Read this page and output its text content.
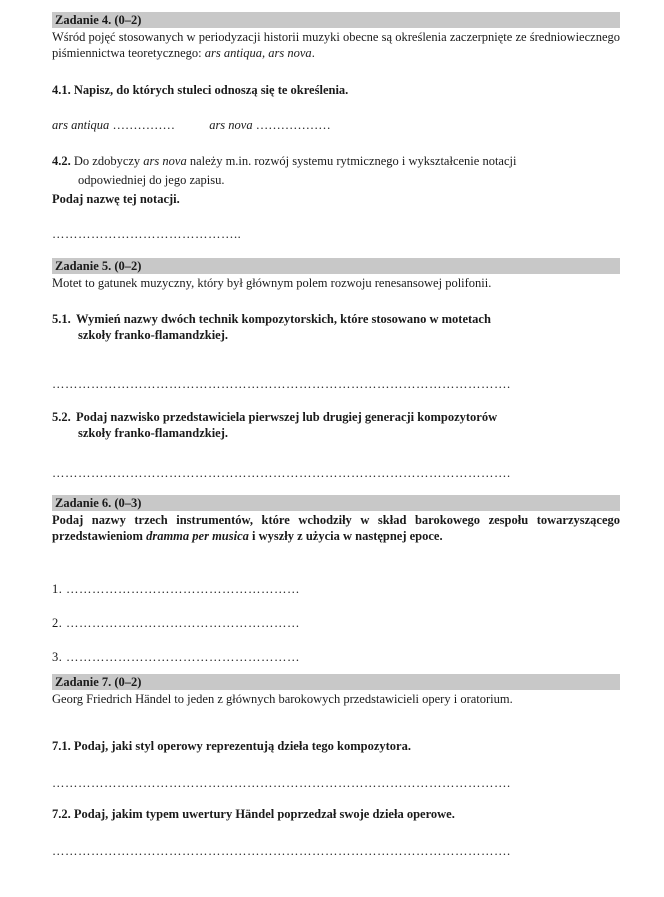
Zadanie 4. (0–2)
Wśród pojęć stosowanych w periodyzacji historii muzyki obecne są określenia zaczerpnięte ze średniowiecznego piśmiennictwa teoretycznego: ars antiqua, ars nova.
4.1. Napisz, do których stuleci odnoszą się te określenia.
ars antiqua ……………	ars nova ………………
4.2. Do zdobyczy ars nova należy m.in. rozwój systemu rytmicznego i wykształcenie notacji
odpowiedniej do jego zapisu.
Podaj nazwę tej notacji.
……………………………………..
Zadanie 5. (0–2)
Motet to gatunek muzyczny, który był głównym polem rozwoju renesansowej polifonii.
5.1. Wymień nazwy dwóch technik kompozytorskich, które stosowano w motetach
szkoły franko-flamandzkiej.
…………………………………………………………………………………………….
5.2. Podaj nazwisko przedstawiciela pierwszej lub drugiej generacji kompozytorów
szkoły franko-flamandzkiej.
…………………………………………………………………………………………….
Zadanie 6. (0–3)
Podaj nazwy trzech instrumentów, które wchodziły w skład barokowego zespołu towarzyszącego przedstawieniom dramma per musica i wyszły z użycia w następnej epoce.
1. ………………………………………………
2. ………………………………………………
3. ………………………………………………
Zadanie 7. (0–2)
Georg Friedrich Händel to jeden z głównych barokowych przedstawicieli opery i oratorium.
7.1. Podaj, jaki styl operowy reprezentują dzieła tego kompozytora.
…………………………………………………………………………………………….
7.2. Podaj, jakim typem uwertury Händel poprzedzał swoje dzieła operowe.
…………………………………………………………………………………………….
